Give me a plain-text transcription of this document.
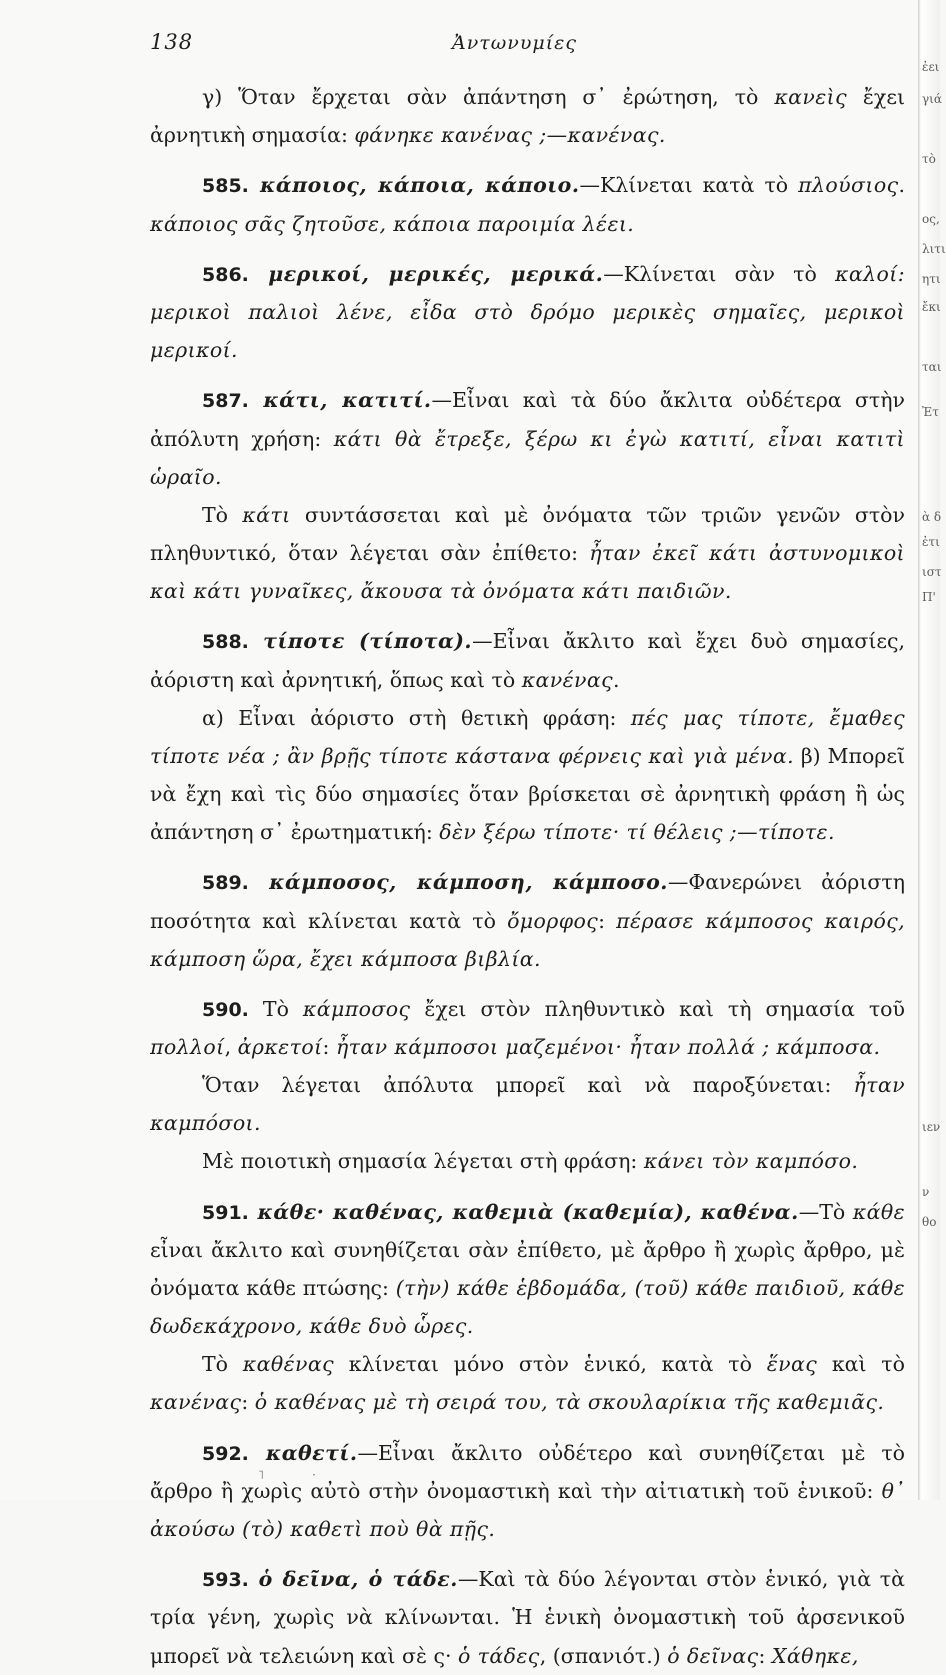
138	Ἀντωνυμίες

γ) Ὅταν ἔρχεται σὰν ἀπάντηση σ᾿ ἐρώτηση, τὸ κανεὶς ἔχει ἀρνητικὴ σημασία: φάνηκε κανένας ;—κανένας.

585. κάποιος, κάποια, κάποιο.—Κλίνεται κατὰ τὸ πλούσιος. κάποιος σᾶς ζητοῦσε, κάποια παροιμία λέει.

586. μερικοί, μερικές, μερικά.—Κλίνεται σὰν τὸ καλοί: μερικοὶ παλιοὶ λένε, εἶδα στὸ δρόμο μερικὲς σημαῖες, μερικοὶ μερικοί.

587. κάτι, κατιτί.—Εἶναι καὶ τὰ δύο ἄκλιτα οὐδέτερα στὴν ἀπόλυτη χρήση: κάτι θὰ ἔτρεξε, ξέρω κι ἐγὼ κατιτί, εἶναι κατιτὶ ὡραῖο.

Τὸ κάτι συντάσσεται καὶ μὲ ὀνόματα τῶν τριῶν γενῶν στὸν πληθυντικό, ὅταν λέγεται σὰν ἐπίθετο: ἦταν ἐκεῖ κάτι ἀστυνομικοὶ καὶ κάτι γυναῖκες, ἄκουσα τὰ ὀνόματα κάτι παιδιῶν.

588. τίποτε (τίποτα).—Εἶναι ἄκλιτο καὶ ἔχει δυὸ σημασίες, ἀόριστη καὶ ἀρνητική, ὅπως καὶ τὸ κανένας.

α) Εἶναι ἀόριστο στὴ θετικὴ φράση: πές μας τίποτε, ἔμαθες τίποτε νέα ; ἂν βρῇς τίποτε κάστανα φέρνεις καὶ γιὰ μένα. β) Μπορεῖ νὰ ἔχη καὶ τὶς δύο σημασίες ὅταν βρίσκεται σὲ ἀρνητικὴ φράση ἢ ὡς ἀπάντηση σ᾿ ἐρωτηματική: δὲν ξέρω τίποτε· τί θέλεις ;—τίποτε.

589. κάμποσος, κάμποση, κάμποσο.—Φανερώνει ἀόριστη ποσότητα καὶ κλίνεται κατὰ τὸ ὄμορφος: πέρασε κάμποσος καιρός, κάμποση ὥρα, ἔχει κάμποσα βιβλία.

590. Τὸ κάμποσος ἔχει στὸν πληθυντικὸ καὶ τὴ σημασία τοῦ πολλοί, ἀρκετοί: ἦταν κάμποσοι μαζεμένοι· ἦταν πολλά ; κάμποσα.

Ὅταν λέγεται ἀπόλυτα μπορεῖ καὶ νὰ παροξύνεται: ἦταν καμπόσοι.

Μὲ ποιοτικὴ σημασία λέγεται στὴ φράση: κάνει τὸν καμπόσο.

591. κάθε· καθένας, καθεμιὰ (καθεμία), καθένα.—Τὸ κάθε εἶναι ἄκλιτο καὶ συνηθίζεται σὰν ἐπίθετο, μὲ ἄρθρο ἢ χωρὶς ἄρθρο, μὲ ὀνόματα κάθε πτώσης: (τὴν) κάθε ἑβδομάδα, (τοῦ) κάθε παιδιοῦ, κάθε δωδεκάχρονο, κάθε δυὸ ὧρες.

Τὸ καθένας κλίνεται μόνο στὸν ἑνικό, κατὰ τὸ ἕνας καὶ τὸ κανένας: ὁ καθένας μὲ τὴ σειρά του, τὰ σκουλαρίκια τῆς καθεμιᾶς.

592. καθετί.—Εἶναι ἄκλιτο οὐδέτερο καὶ συνηθίζεται μὲ τὸ ἄρθρο ἢ χωρὶς αὐτὸ στὴν ὀνομαστικὴ καὶ τὴν αἰτιατικὴ τοῦ ἑνικοῦ: θ᾿ ἀκούσω (τὸ) καθετὶ ποὺ θὰ πῇς.

593. ὁ δεῖνα, ὁ τάδε.—Καὶ τὰ δύο λέγονται στὸν ἑνικό, γιὰ τὰ τρία γένη, χωρὶς νὰ κλίνωνται. Ἡ ἑνικὴ ὀνομαστικὴ τοῦ ἀρσενικοῦ μπορεῖ νὰ τελειώνη καὶ σὲ ς· ὁ τάδες, (σπανιότ.) ὁ δεῖνας: Χάθηκε,

˥	·
ἐει
γιά
τὸ
ος,
λιτι
ητι
ἔκι
ται
Ἐτ
ὰ δ
ἐτι
ιστ
Π'
ιεν
ν
θο
